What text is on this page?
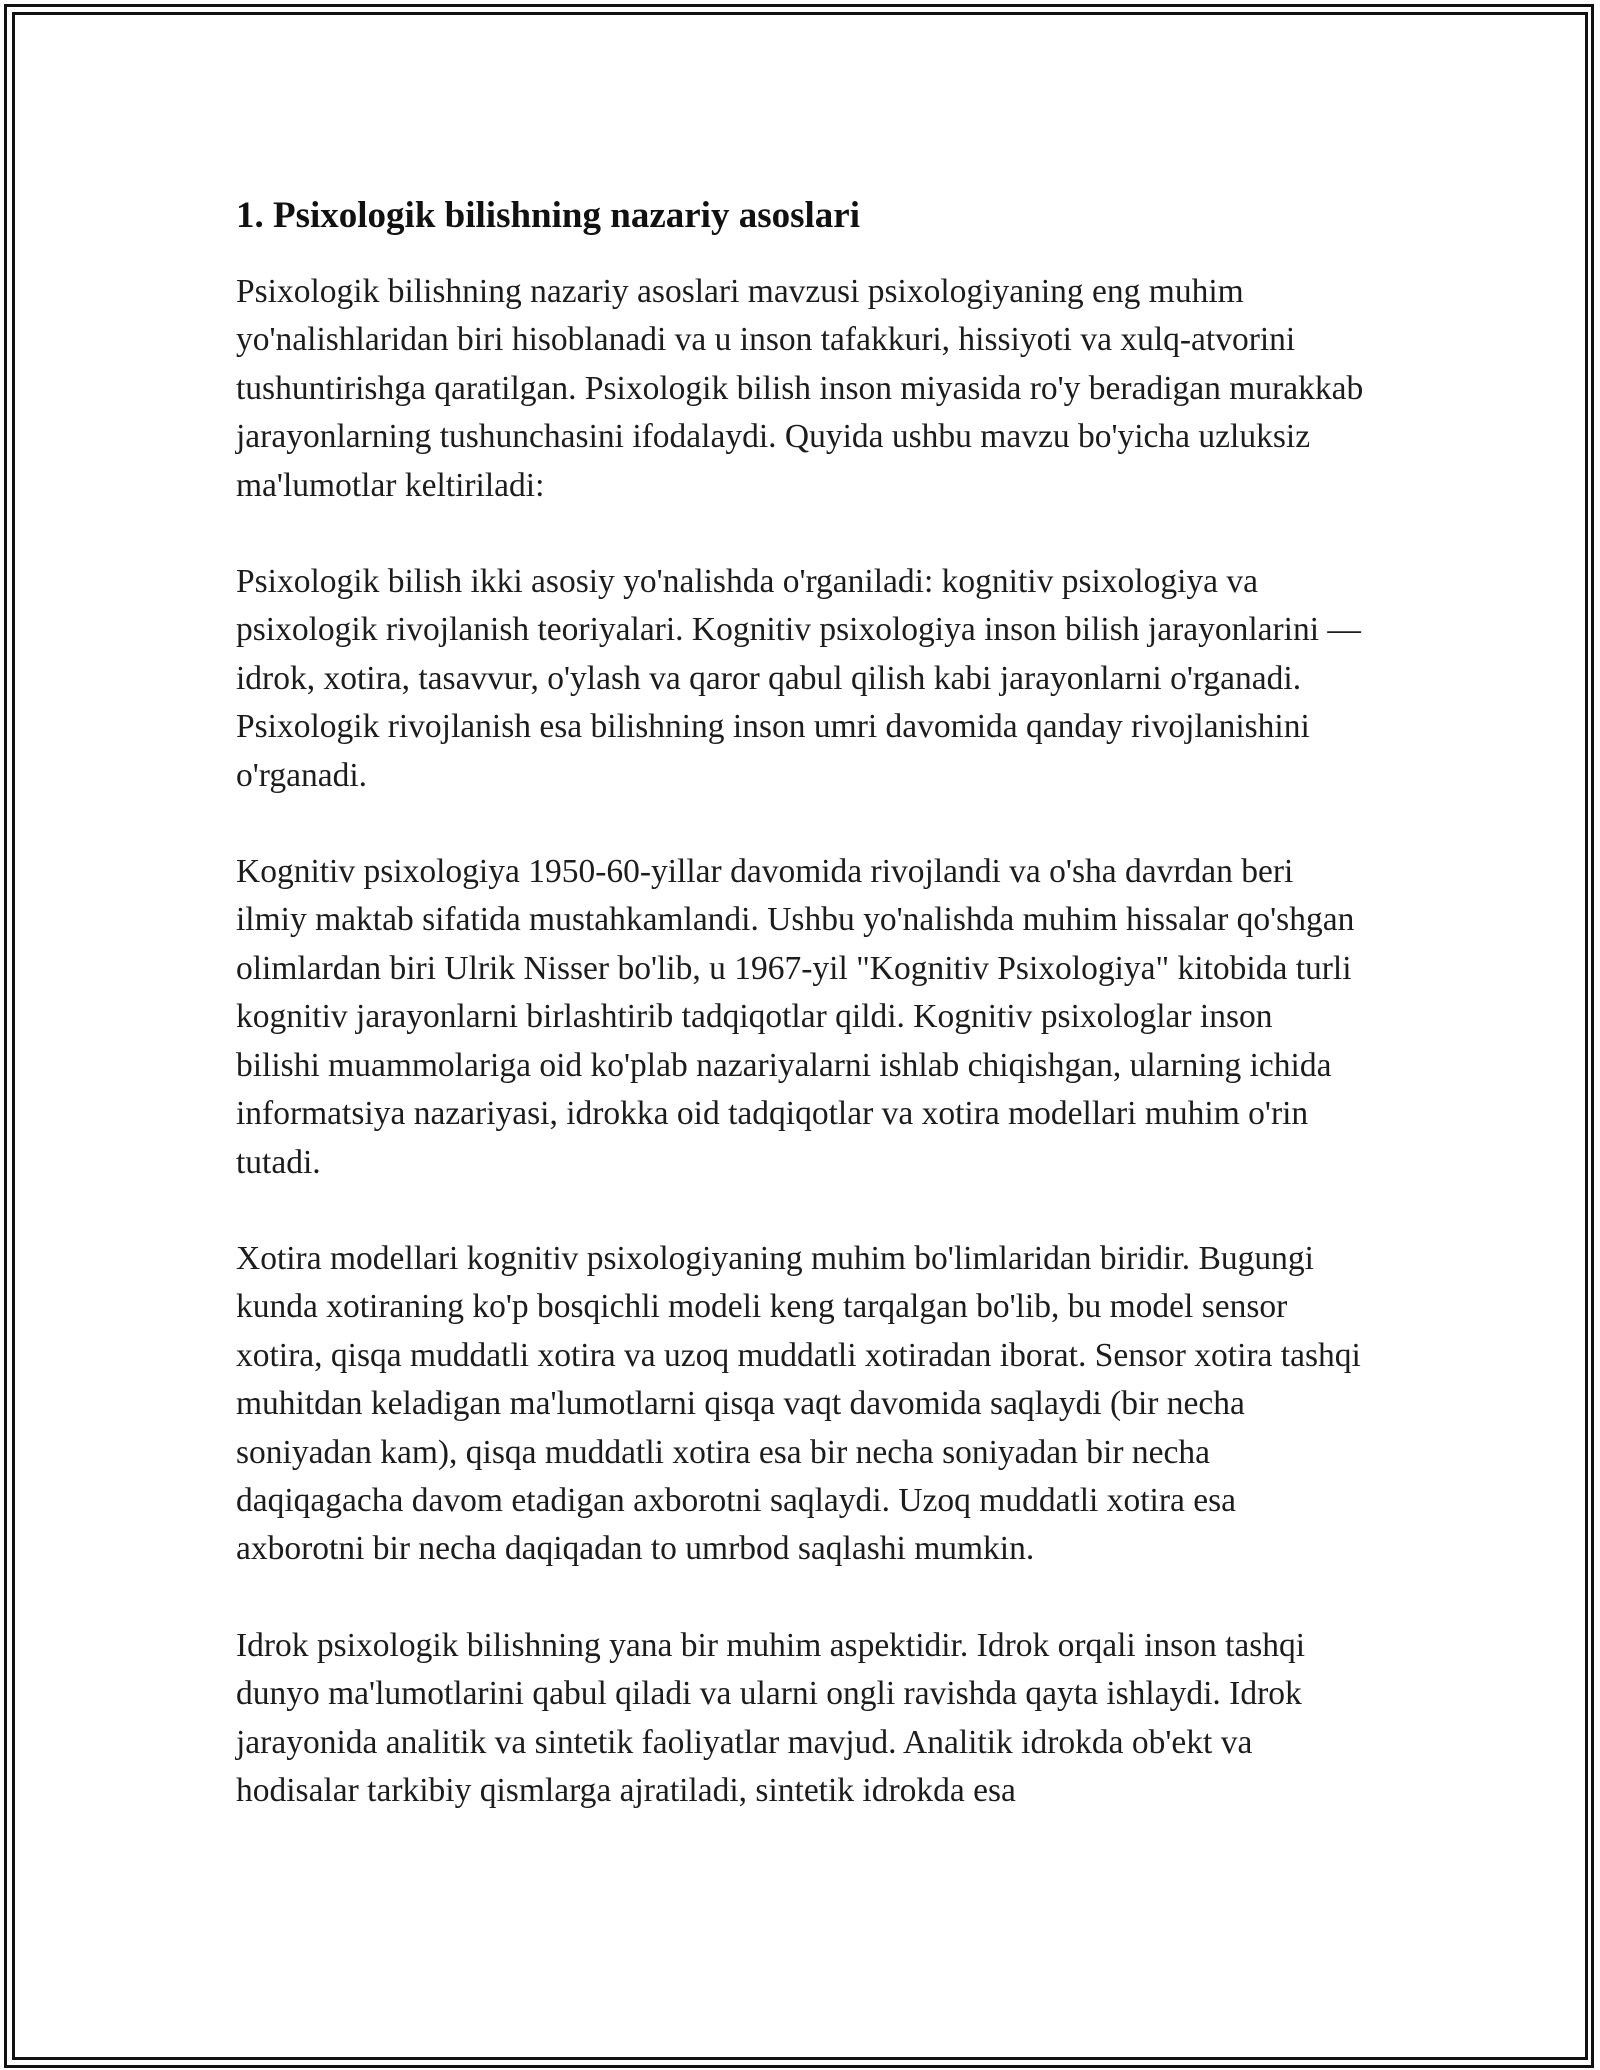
1. Psixologik bilishning nazariy asoslari

Psixologik bilishning nazariy asoslari mavzusi psixologiyaning eng muhim yo'nalishlaridan biri hisoblanadi va u inson tafakkuri, hissiyoti va xulq-atvorini tushuntirishga qaratilgan. Psixologik bilish inson miyasida ro'y beradigan murakkab jarayonlarning tushunchasini ifodalaydi. Quyida ushbu mavzu bo'yicha uzluksiz ma'lumotlar keltiriladi:

Psixologik bilish ikki asosiy yo'nalishda o'rganiladi: kognitiv psixologiya va psixologik rivojlanish teoriyalari. Kognitiv psixologiya inson bilish jarayonlarini — idrok, xotira, tasavvur, o'ylash va qaror qabul qilish kabi jarayonlarni o'rganadi. Psixologik rivojlanish esa bilishning inson umri davomida qanday rivojlanishini o'rganadi.

Kognitiv psixologiya 1950-60-yillar davomida rivojlandi va o'sha davrdan beri ilmiy maktab sifatida mustahkamlandi. Ushbu yo'nalishda muhim hissalar qo'shgan olimlardan biri Ulrik Nisser bo'lib, u 1967-yil "Kognitiv Psixologiya" kitobida turli kognitiv jarayonlarni birlashtirib tadqiqotlar qildi. Kognitiv psixologlar inson bilishi muammolariga oid ko'plab nazariyalarni ishlab chiqishgan, ularning ichida informatsiya nazariyasi, idrokka oid tadqiqotlar va xotira modellari muhim o'rin tutadi.

Xotira modellari kognitiv psixologiyaning muhim bo'limlaridan biridir. Bugungi kunda xotiraning ko'p bosqichli modeli keng tarqalgan bo'lib, bu model sensor xotira, qisqa muddatli xotira va uzoq muddatli xotiradan iborat. Sensor xotira tashqi muhitdan keladigan ma'lumotlarni qisqa vaqt davomida saqlaydi (bir necha soniyadan kam), qisqa muddatli xotira esa bir necha soniyadan bir necha daqiqagacha davom etadigan axborotni saqlaydi. Uzoq muddatli xotira esa axborotni bir necha daqiqadan to umrbod saqlashi mumkin.

Idrok psixologik bilishning yana bir muhim aspektidir. Idrok orqali inson tashqi dunyo ma'lumotlarini qabul qiladi va ularni ongli ravishda qayta ishlaydi. Idrok jarayonida analitik va sintetik faoliyatlar mavjud. Analitik idrokda ob'ekt va hodisalar tarkibiy qismlarga ajratiladi, sintetik idrokda esa
